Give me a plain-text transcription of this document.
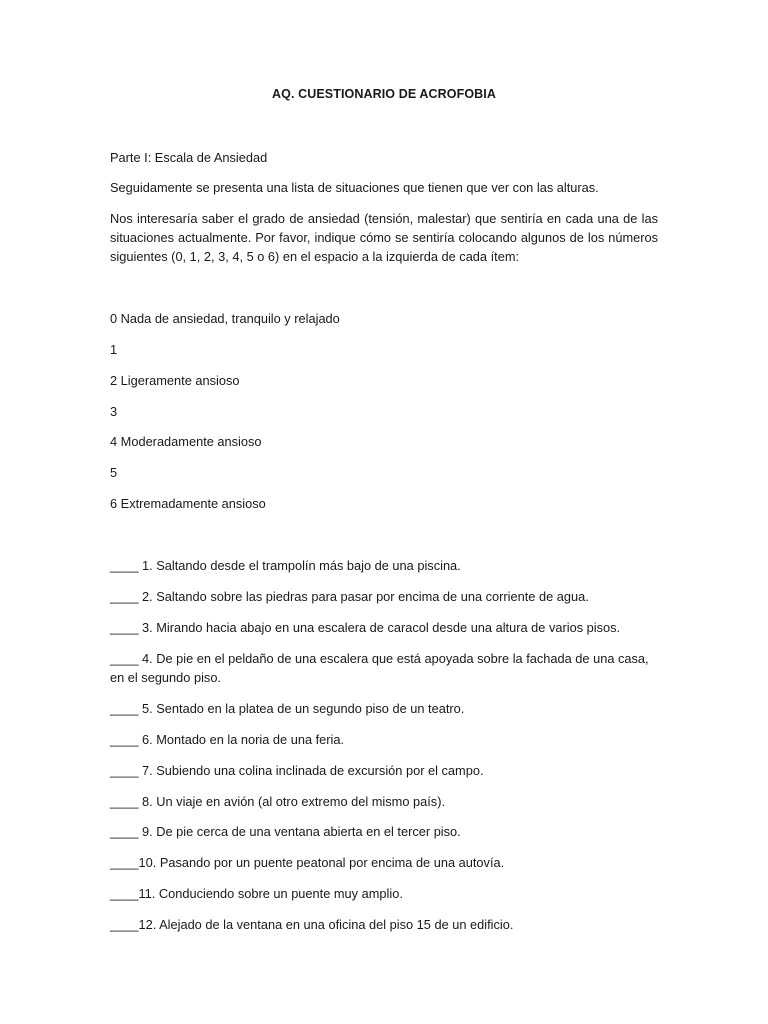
AQ. CUESTIONARIO DE ACROFOBIA
Parte I: Escala de Ansiedad
Seguidamente se presenta una lista de situaciones que tienen que ver con las alturas.
Nos interesaría saber el grado de ansiedad (tensión, malestar) que sentiría en cada una de las situaciones actualmente. Por favor, indique cómo se sentiría colocando algunos de los números siguientes (0, 1, 2, 3, 4, 5 o 6) en el espacio a la izquierda de cada ítem:
0 Nada de ansiedad, tranquilo y relajado
1
2 Ligeramente ansioso
3
4 Moderadamente ansioso
5
6 Extremadamente ansioso
____ 1. Saltando desde el trampolín más bajo de una piscina.
____ 2. Saltando sobre las piedras para pasar por encima de una corriente de agua.
____ 3. Mirando hacia abajo en una escalera de caracol desde una altura de varios pisos.
____ 4. De pie en el peldaño de una escalera que está apoyada sobre la fachada de una casa, en el segundo piso.
____ 5. Sentado en la platea de un segundo piso de un teatro.
____ 6. Montado en la noria de una feria.
____ 7. Subiendo una colina inclinada de excursión por el campo.
____ 8. Un viaje en avión (al otro extremo del mismo país).
____ 9. De pie cerca de una ventana abierta en el tercer piso.
____10. Pasando por un puente peatonal por encima de una autovía.
____11. Conduciendo sobre un puente muy amplio.
____12. Alejado de la ventana en una oficina del piso 15 de un edificio.
